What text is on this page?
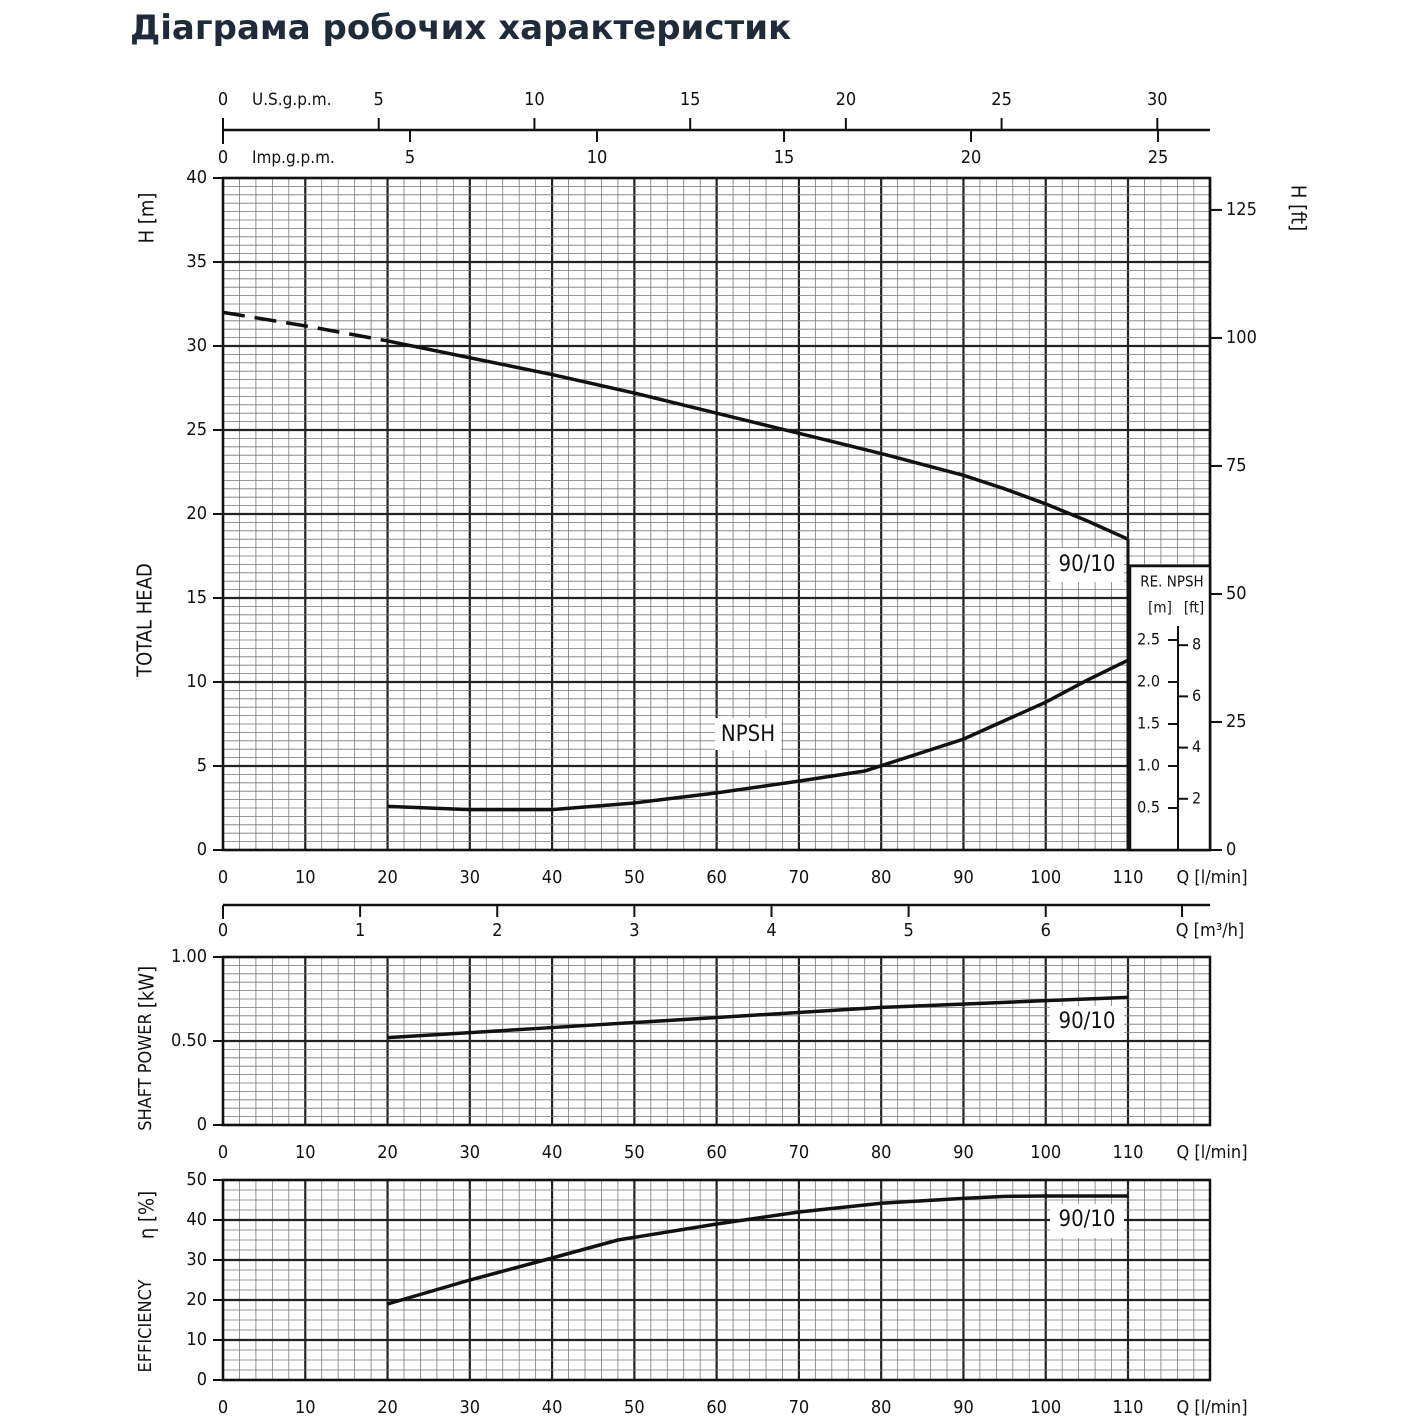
Діаграма робочих характеристик
0
5
10
15
20
25
30
35
40
0	10	20	30	40	50	60	70	80	90	100	110 Q [l/min]
H [m]
TOTAL HEAD
0
25
50
75
100
125 H [ft]
0	5	10	15	20	25	30
U.S.g.p.m.
0	5	10	15	20	25
Imp.g.p.m.
RE. NPSH
[m] [ft]
0.5
1.0
1.5
2.0
2.5
2
4
6
8
90/10
NPSH
0	1	2	3	4	5	6	Q [m³/h]
0
0.50
1.00
0	10	20	30	40	50	60	70	80	90	100	110 Q [l/min]
[kW]
SHAFT POWER	90/10
0
10
20
30
40
50
0	10	20	30	40	50	60	70	80	90	100	110 Q [l/min]
η [%]
EFFICIENCY
90/10
